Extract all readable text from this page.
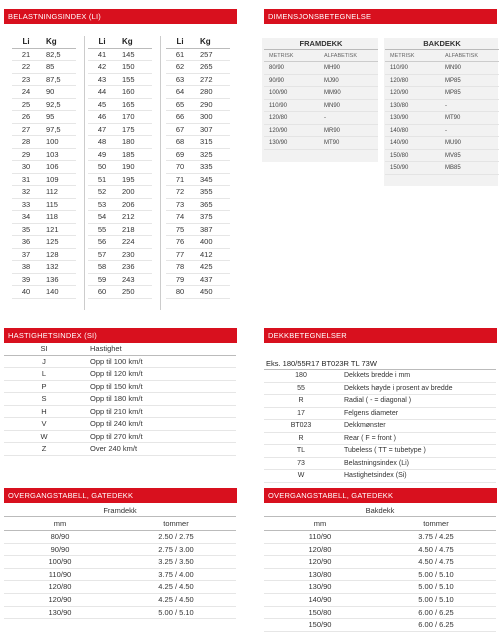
BELASTNINGSINDEX (LI)	DIMENSJONSBETEGNELSE
HASTIGHETSINDEX (SI)	DEKKBETEGNELSER
OVERGANGSTABELL, GATEDEKK	OVERGANGSTABELL, GATEDEKK
Li	Kg
21	82,5
22	85
23	87,5
24	90
25	92,5
26	95
27	97,5
28	100
29	103
30	106
31	109
32	112
33	115
34	118
35	121
36	125
37	128
38	132
39	136
40	140
Li	Kg
41	145
42	150
43	155
44	160
45	165
46	170
47	175
48	180
49	185
50	190
51	195
52	200
53	206
54	212
55	218
56	224
57	230
58	236
59	243
60	250
Li	Kg
61	257
62	265
63	272
64	280
65	290
66	300
67	307
68	315
69	325
70	335
71	345
72	355
73	365
74	375
75	387
76	400
77	412
78	425
79	437
80	450
FRAMDEKK
METRISK	ALFABETISK
80/90	MH90
90/90	MJ90
100/90	MM90
110/90	MN90
120/80	-
120/90	MR90
130/90	MT90
BAKDEKK
METRISK	ALFABETISK
110/90	MN90
120/80	MP85
120/90	MP85
130/80	-
130/90	MT90
140/80	-
140/90	MU90
150/80	MV85
150/90	MB85
SI	Hastighet
J	Opp til 100 km/t
L	Opp til 120 km/t
P	Opp til 150 km/t
S	Opp til 180 km/t
H	Opp til 210 km/t
V	Opp til 240 km/t
W	Opp til 270 km/t
Z	Over 240 km/t
Eks. 180/55R17 BT023R TL 73W
180	Dekkets bredde i mm
55	Dekkets høyde i prosent av bredde
R	Radial ( - = diagonal )
17	Felgens diameter
BT023	Dekkmønster
R	Rear ( F = front )
TL	Tubeless ( TT = tubetype )
73	Belastningsindex (Li)
W	Hastighetsindex (Si)
Framdekk
mm	tommer
80/90	2.50 / 2.75
90/90	2.75 / 3.00
100/90	3.25 / 3.50
110/90	3.75 / 4.00
120/80	4.25 / 4.50
120/90	4.25 / 4.50
130/90	5.00 / 5.10
Bakdekk
mm	tommer
110/90	3.75 / 4.25
120/80	4.50 / 4.75
120/90	4.50 / 4.75
130/80	5.00 / 5.10
130/90	5.00 / 5.10
140/90	5.00 / 5.10
150/80	6.00 / 6.25
150/90	6.00 / 6.25
